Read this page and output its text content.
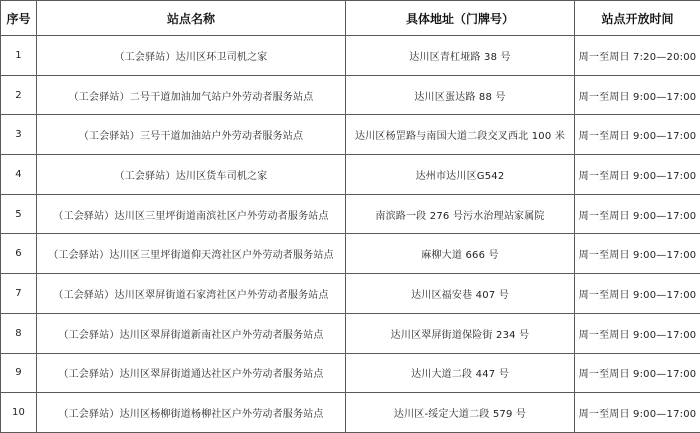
序号	站点名称	具体地址（门牌号）	站点开放时间
1	（工会驿站）达川区环卫司机之家	达川区青杠垭路 38 号	周一至周日 7:20—20:00
2	（工会驿站）二号干道加油加气站户外劳动者服务站点	达川区蛋达路 88 号	周一至周日 9:00—17:00
3	（工会驿站）三号干道加油站户外劳动者服务站点	达川区杨罡路与南国大道二段交叉西北 100 米	周一至周日 9:00—17:00
4	（工会驿站）达川区货车司机之家	达州市达川区G542	周一至周日 9:00—17:00
5	（工会驿站）达川区三里坪街道南滨社区户外劳动者服务站点	南滨路一段 276 号污水治理站家属院	周一至周日 9:00—17:00
6	（工会驿站）达川区三里坪街道仰天湾社区户外劳动者服务站点	麻柳大道 666 号	周一至周日 9:00—17:00
7	（工会驿站）达川区翠屏街道石家湾社区户外劳动者服务站点	达川区福安巷 407 号	周一至周日 9:00—17:00
8	（工会驿站）达川区翠屏街道新南社区户外劳动者服务站点	达川区翠屏街道保险街 234 号	周一至周日 9:00—17:00
9	（工会驿站）达川区翠屏街道通达社区户外劳动者服务站点	达川大道二段 447 号	周一至周日 9:00—17:00
10	（工会驿站）达川区杨柳街道杨柳社区户外劳动者服务站点	达川区-绥定大道二段 579 号	周一至周日 9:00—17:00
